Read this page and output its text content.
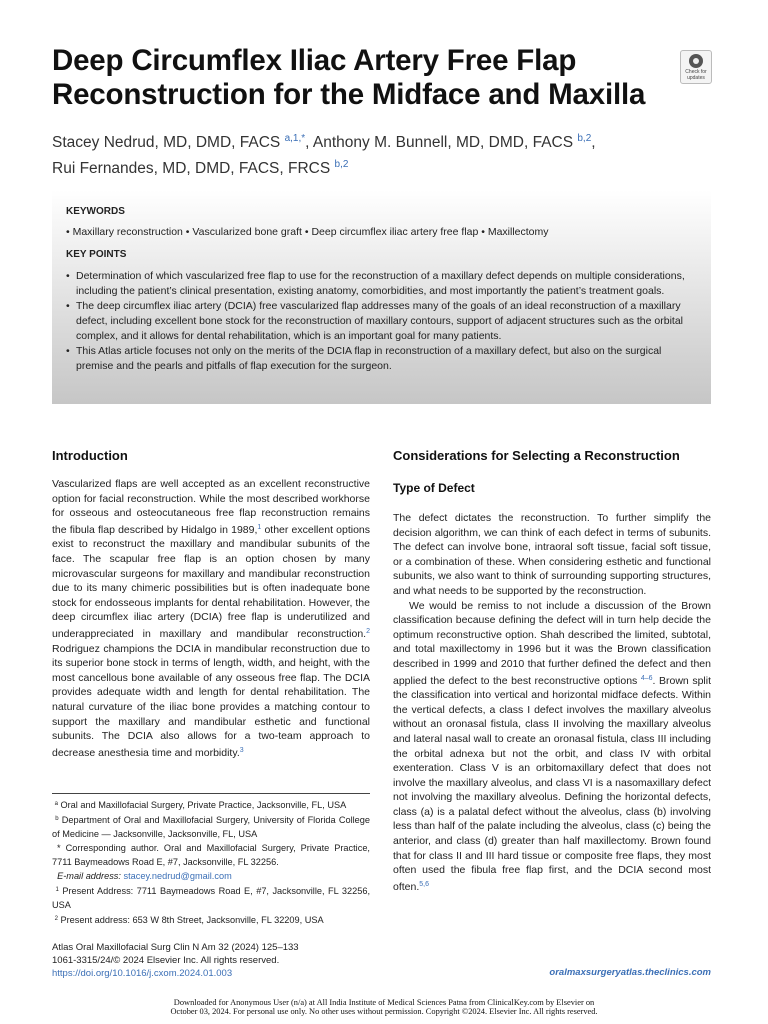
Deep Circumflex Iliac Artery Free Flap
Reconstruction for the Midface and Maxilla
Check for updates
Stacey Nedrud, MD, DMD, FACS $^{a,1,*}$, Anthony M. Bunnell, MD, DMD, FACS $^{b,2}$,
Rui Fernandes, MD, DMD, FACS, FRCS $^{b,2}$
KEYWORDS
• Maxillary reconstruction • Vascularized bone graft • Deep circumflex iliac artery free flap • Maxillectomy
KEY POINTS
• Determination of which vascularized free flap to use for the reconstruction of a maxillary defect depends on multiple considerations, including the patient’s clinical presentation, existing anatomy, comorbidities, and most importantly the patient’s treatment goals.
• The deep circumflex iliac artery (DCIA) free vascularized flap addresses many of the goals of an ideal reconstruction of a maxillary defect, including excellent bone stock for the reconstruction of maxillary contours, support of adjacent structures such as the orbital complex, and it allows for dental rehabilitation, which is an important goal for many patients.
• This Atlas article focuses not only on the merits of the DCIA flap in reconstruction of a maxillary defect, but also on the surgical premise and the pearls and pitfalls of flap execution for the surgeon.
Introduction

Vascularized flaps are well accepted as an excellent reconstructive option for facial reconstruction. While the most described workhorse for osseous and osteocutaneous free flap reconstruction remains the fibula flap described by Hidalgo in 1989,$^1$ other excellent options exist to reconstruct the maxillary and mandibular subunits of the face. The scapular free flap is an option chosen by many microvascular surgeons for maxillary and mandibular reconstruction due to its many chimeric possibilities but is often inadequate bone stock for endosseous implants for dental rehabilitation. However, the deep circumflex iliac artery (DCIA) free flap is underutilized and underappreciated in maxillary and mandibular reconstruction.$^2$ Rodriguez champions the DCIA in mandibular reconstruction due to its superior bone stock in terms of length, width, and height, with the most cancellous bone available of any osseous free flap. The DCIA provides adequate width and length for dental rehabilitation. The natural curvature of the iliac bone provides a matching contour to support the maxillary and mandibular esthetic and functional subunits. The DCIA also allows for a two-team approach to decrease anesthesia time and morbidity.$^3$

$^a$ Oral and Maxillofacial Surgery, Private Practice, Jacksonville, FL, USA

$^b$ Department of Oral and Maxillofacial Surgery, University of Florida College of Medicine — Jacksonville, Jacksonville, FL, USA

* Corresponding author. Oral and Maxillofacial Surgery, Private Practice, 7711 Baymeadows Road E, #7, Jacksonville, FL 32256.

E-mail address: stacey.nedrud@gmail.com

$^1$ Present Address: 7711 Baymeadows Road E, #7, Jacksonville, FL 32256, USA

$^2$ Present address: 653 W 8th Street, Jacksonville, FL 32209, USA

Considerations for Selecting a Reconstruction
Type of Defect

The defect dictates the reconstruction. To further simplify the decision algorithm, we can think of each defect in terms of subunits. The defect can involve bone, intraoral soft tissue, facial soft tissue, or a combination of these. When considering esthetic and functional subunits, we also want to think of surrounding supporting structures, and what needs to be supported by the reconstruction.

We would be remiss to not include a discussion of the Brown classification because defining the defect will in turn help decide the optimum reconstructive option. Shah described the limited, subtotal, and total maxillectomy in 1996 but it was the Brown classification described in 1999 and 2010 that further defined the defect and then applied the defect to the best reconstructive options $^{4-6}$. Brown split the classification into vertical and horizontal midface defects. Within the vertical defects, a class I defect involves the maxillary alveolus without an oronasal fistula, class II involving the maxillary alveolus and lateral nasal wall to create an oronasal fistula, class III including the orbital adnexa but not the orbit, and class IV with orbital exenteration. Class V is an orbitomaxillary defect that does not involve the maxillary alveolus, and class VI is a nasomaxillary defect not involving the maxillary alveolus. Defining the horizontal defects, class (a) is a palatal defect without the alveolus, class (b) involving less than half of the palate including the alveolus, class (c) being the anterior, and class (d) greater than half maxillectomy. Brown found that for class II and III hard tissue or composite free flaps, they most often used the fibula free flap first, and the DCIA second most often.$^{5,6}$

Atlas Oral Maxillofacial Surg Clin N Am 32 (2024) 125–133
1061-3315/24/© 2024 Elsevier Inc. All rights reserved.
https://doi.org/10.1016/j.cxom.2024.01.003	oralmaxsurgeryatlas.theclinics.com
Downloaded for Anonymous User (n/a) at All India Institute of Medical Sciences Patna from ClinicalKey.com by Elsevier on
October 03, 2024. For personal use only. No other uses without permission. Copyright ©2024. Elsevier Inc. All rights reserved.
